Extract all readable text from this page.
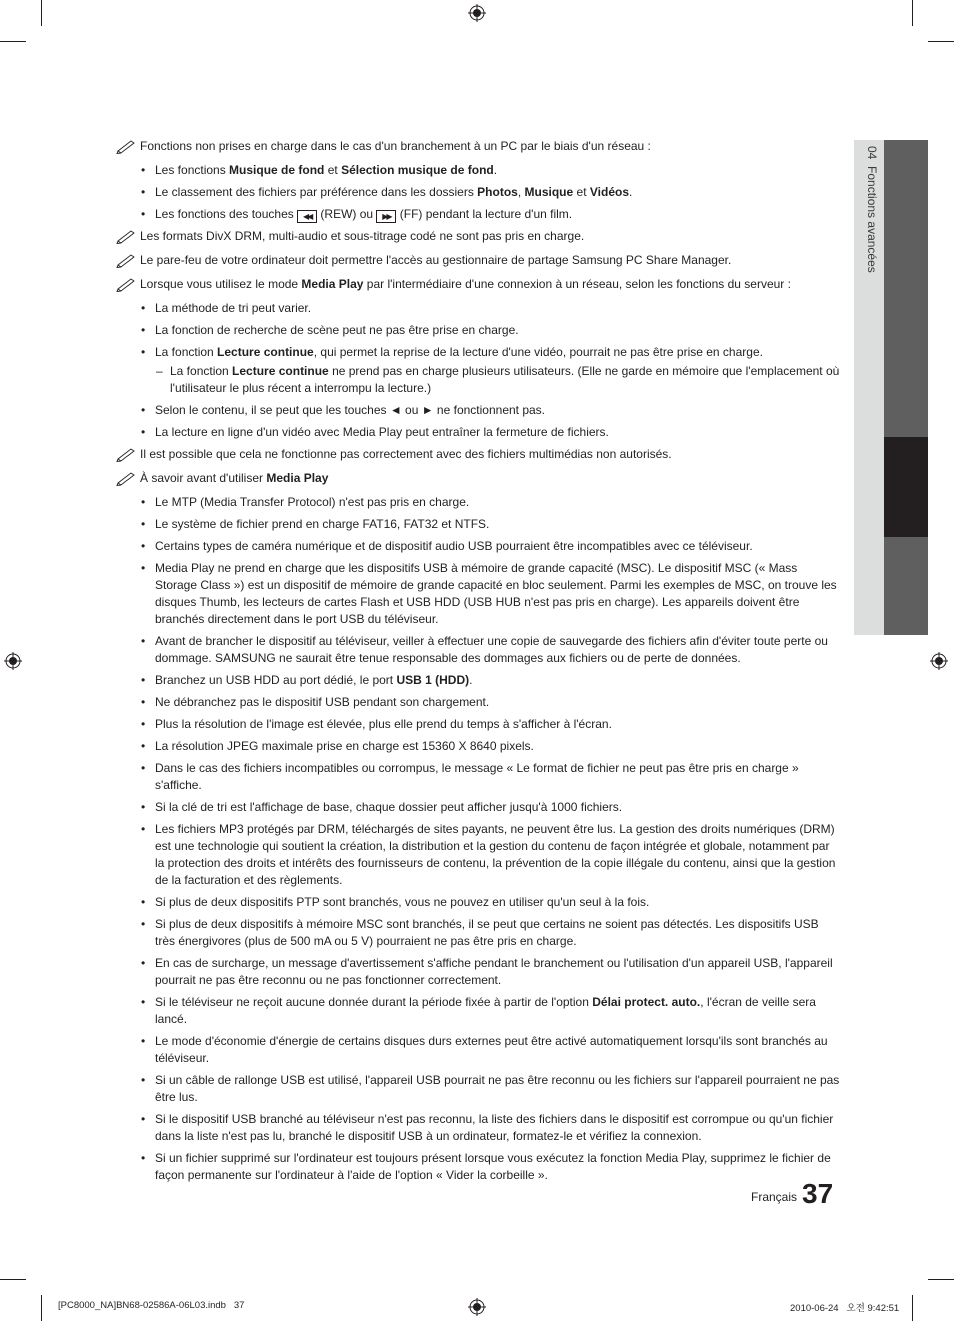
04  Fonctions avancées
Fonctions non prises en charge dans le cas d'un branchement à un PC par le biais d'un réseau :
• Les fonctions Musique de fond et Sélection musique de fond.
• Le classement des fichiers par préférence dans les dossiers Photos, Musique et Vidéos.
• Les fonctions des touches ◀◀ (REW) ou ▶▶ (FF) pendant la lecture d'un film.
Les formats DivX DRM, multi-audio et sous-titrage codé ne sont pas pris en charge.
Le pare-feu de votre ordinateur doit permettre l'accès au gestionnaire de partage Samsung PC Share Manager.
Lorsque vous utilisez le mode Media Play par l'intermédiaire d'une connexion à un réseau, selon les fonctions du serveur :
• La méthode de tri peut varier.
• La fonction de recherche de scène peut ne pas être prise en charge.
• La fonction Lecture continue, qui permet la reprise de la lecture d'une vidéo, pourrait ne pas être prise en charge.
– La fonction Lecture continue ne prend pas en charge plusieurs utilisateurs. (Elle ne garde en mémoire que l'emplacement où l'utilisateur le plus récent a interrompu la lecture.)
• Selon le contenu, il se peut que les touches ◄ ou ► ne fonctionnent pas.
• La lecture en ligne d'un vidéo avec Media Play peut entraîner la fermeture de fichiers.
Il est possible que cela ne fonctionne pas correctement avec des fichiers multimédias non autorisés.
À savoir avant d'utiliser Media Play
• Le MTP (Media Transfer Protocol) n'est pas pris en charge.
• Le système de fichier prend en charge FAT16, FAT32 et NTFS.
• Certains types de caméra numérique et de dispositif audio USB pourraient être incompatibles avec ce téléviseur.
• Media Play ne prend en charge que les dispositifs USB à mémoire de grande capacité (MSC). Le dispositif MSC (« Mass Storage Class ») est un dispositif de mémoire de grande capacité en bloc seulement. Parmi les exemples de MSC, on trouve les disques Thumb, les lecteurs de cartes Flash et USB HDD (USB HUB n'est pas pris en charge). Les appareils doivent être branchés directement dans le port USB du téléviseur.
• Avant de brancher le dispositif au téléviseur, veiller à effectuer une copie de sauvegarde des fichiers afin d'éviter toute perte ou dommage. SAMSUNG ne saurait être tenue responsable des dommages aux fichiers ou de perte de données.
• Branchez un USB HDD au port dédié, le port USB 1 (HDD).
• Ne débranchez pas le dispositif USB pendant son chargement.
• Plus la résolution de l'image est élevée, plus elle prend du temps à s'afficher à l'écran.
• La résolution JPEG maximale prise en charge est 15360 X 8640 pixels.
• Dans le cas des fichiers incompatibles ou corrompus, le message « Le format de fichier ne peut pas être pris en charge » s'affiche.
• Si la clé de tri est l'affichage de base, chaque dossier peut afficher jusqu'à 1000 fichiers.
• Les fichiers MP3 protégés par DRM, téléchargés de sites payants, ne peuvent être lus. La gestion des droits numériques (DRM) est une technologie qui soutient la création, la distribution et la gestion du contenu de façon intégrée et globale, notamment par la protection des droits et intérêts des fournisseurs de contenu, la prévention de la copie illégale du contenu, ainsi que la gestion de la facturation et des règlements.
• Si plus de deux dispositifs PTP sont branchés, vous ne pouvez en utiliser qu'un seul à la fois.
• Si plus de deux dispositifs à mémoire MSC sont branchés, il se peut que certains ne soient pas détectés. Les dispositifs USB très énergivores (plus de 500 mA ou 5 V) pourraient ne pas être pris en charge.
• En cas de surcharge, un message d'avertissement s'affiche pendant le branchement ou l'utilisation d'un appareil USB, l'appareil pourrait ne pas être reconnu ou ne pas fonctionner correctement.
• Si le téléviseur ne reçoit aucune donnée durant la période fixée à partir de l'option Délai protect. auto., l'écran de veille sera lancé.
• Le mode d'économie d'énergie de certains disques durs externes peut être activé automatiquement lorsqu'ils sont branchés au téléviseur.
• Si un câble de rallonge USB est utilisé, l'appareil USB pourrait ne pas être reconnu ou les fichiers sur l'appareil pourraient ne pas être lus.
• Si le dispositif USB branché au téléviseur n'est pas reconnu, la liste des fichiers dans le dispositif est corrompue ou qu'un fichier dans la liste n'est pas lu, branché le dispositif USB à un ordinateur, formatez-le et vérifiez la connexion.
• Si un fichier supprimé sur l'ordinateur est toujours présent lorsque vous exécutez la fonction Media Play, supprimez le fichier de façon permanente sur l'ordinateur à l'aide de l'option « Vider la corbeille ».
Français 37
[PC8000_NA]BN68-02586A-06L03.indb   37	2010-06-24   오전 9:42:51
